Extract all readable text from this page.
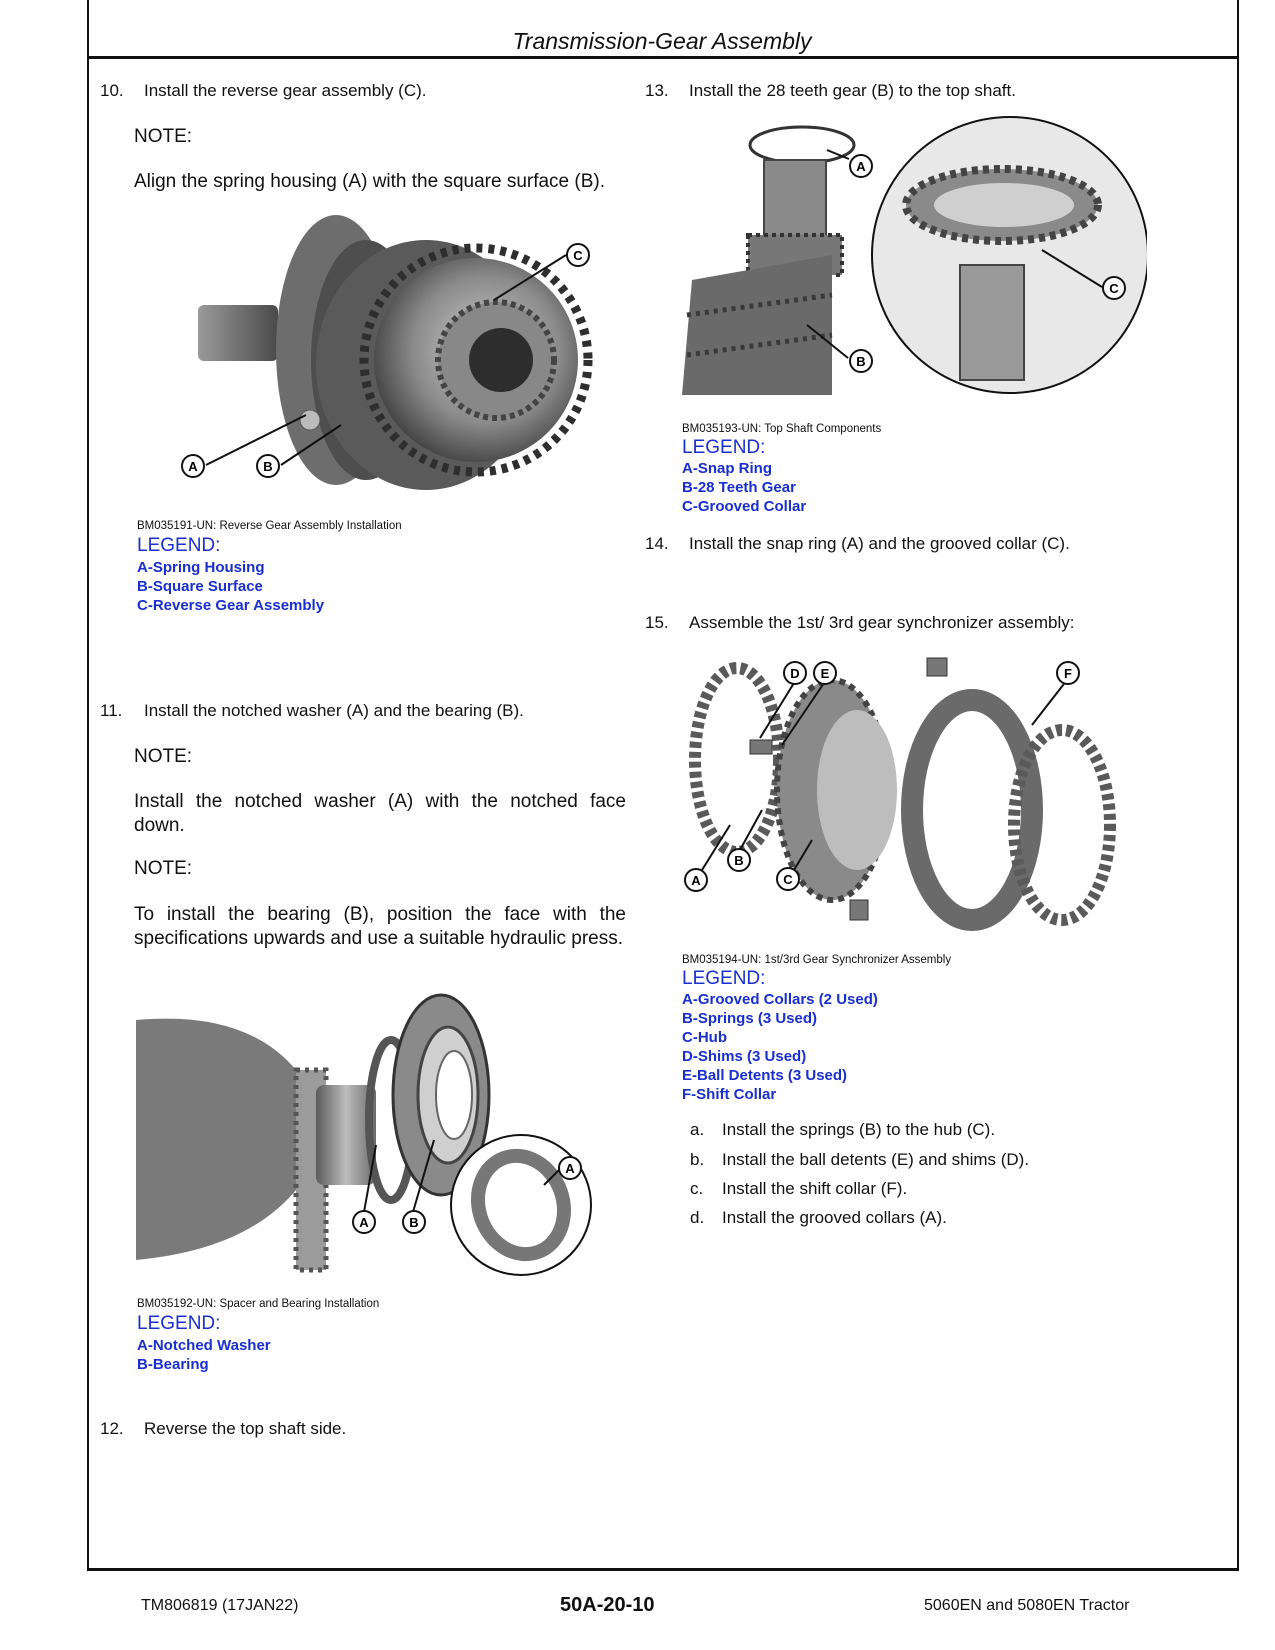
Transmission-Gear Assembly
10. Install the reverse gear assembly (C).
NOTE:
Align the spring housing (A) with the square surface (B).
A	B
C
BM035191-UN: Reverse Gear Assembly Installation
LEGEND:
A-Spring Housing
B-Square Surface
C-Reverse Gear Assembly
11. Install the notched washer (A) and the bearing (B).
NOTE:
Install the notched washer (A) with the notched face down.
NOTE:
To install the bearing (B), position the face with the specifications upwards and use a suitable hydraulic press.
A	B
A
BM035192-UN: Spacer and Bearing Installation
LEGEND:
A-Notched Washer
B-Bearing
12. Reverse the top shaft side.
13. Install the 28 teeth gear (B) to the top shaft.
A
B
C
BM035193-UN: Top Shaft Components
LEGEND:
A-Snap Ring
B-28 Teeth Gear
C-Grooved Collar
14. Install the snap ring (A) and the grooved collar (C).
15. Assemble the 1st/ 3rd gear synchronizer assembly:
D E	F
A
B
C
BM035194-UN: 1st/3rd Gear Synchronizer Assembly
LEGEND:
A-Grooved Collars (2 Used)
B-Springs (3 Used)
C-Hub
D-Shims (3 Used)
E-Ball Detents (3 Used)
F-Shift Collar
a. Install the springs (B) to the hub (C).
b. Install the ball detents (E) and shims (D).
c. Install the shift collar (F).
d. Install the grooved collars (A).
TM806819 (17JAN22)	50A-20-10	5060EN and 5080EN Tractor
